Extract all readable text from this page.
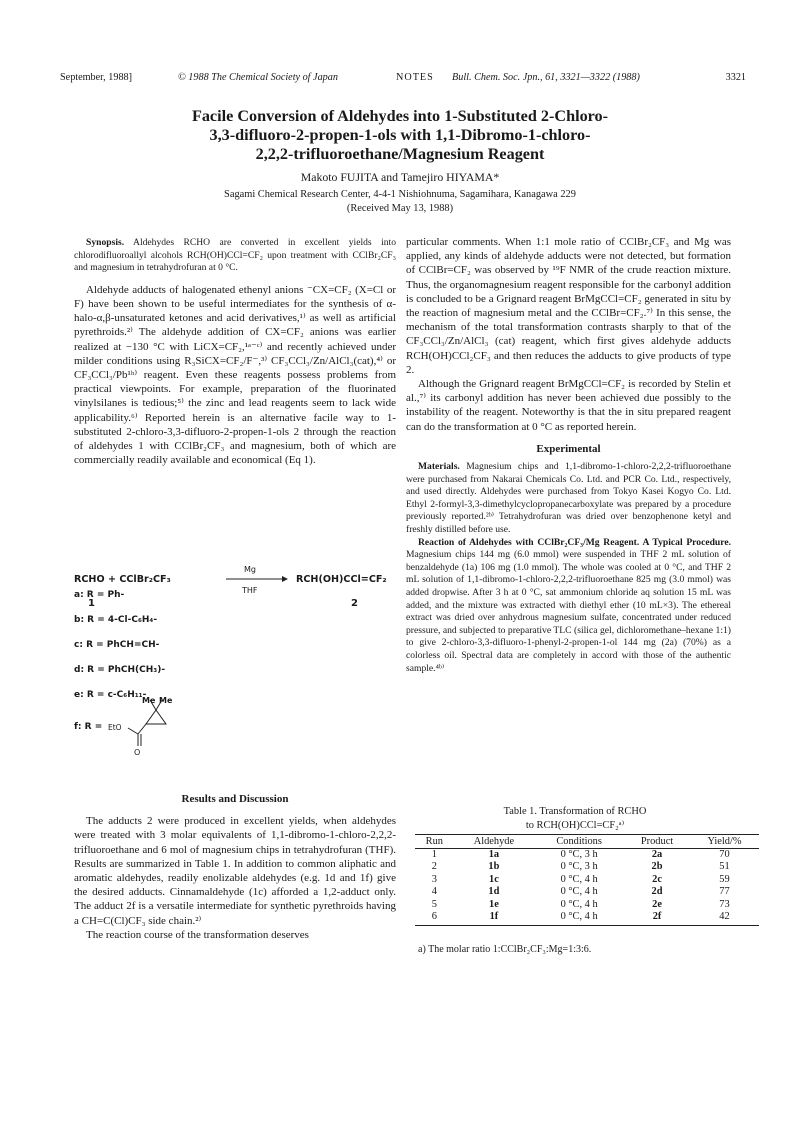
September, 1988]	© 1988 The Chemical Society of Japan	NOTES Bull. Chem. Soc. Jpn., 61, 3321—3322 (1988)	3321
Facile Conversion of Aldehydes into 1-Substituted 2-Chloro-
3,3-difluoro-2-propen-1-ols with 1,1-Dibromo-1-chloro-
2,2,2-trifluoroethane/Magnesium Reagent
Makoto FUJITA and Tamejiro HIYAMA*
Sagami Chemical Research Center, 4-4-1 Nishiohnuma, Sagamihara, Kanagawa 229
(Received May 13, 1988)

Synopsis. Aldehydes RCHO are converted in excellent yields into chlorodifluoroallyl alcohols RCH(OH)CCl=CF₂ upon treatment with CClBr₂CF₃ and magnesium in tetrahydrofuran at 0 °C.

Aldehyde adducts of halogenated ethenyl anions ⁻CX=CF₂ (X=Cl or F) have been shown to be useful intermediates for the synthesis of α-halo-α,β-unsaturated ketones and acid derivatives,¹⁾ as well as artificial pyrethroids.²⁾ The aldehyde addition of CX=CF₂ anions was earlier realized at −130 °C with LiCX=CF₂,¹ᵃ⁻ᶜ⁾ and recently achieved under milder conditions using R₃SiCX=CF₂/F⁻,³⁾ CF₃CCl₃/Zn/AlCl₃(cat),⁴⁾ or CF₃CCl₃/Pb¹ʰ⁾ reagent. Even these reagents possess problems from practical viewpoints. For example, preparation of the fluorinated vinylsilanes is tedious;⁵⁾ the zinc and lead reagents seem to lack wide applicability.⁶⁾ Reported herein is an alternative facile way to 1-substituted 2-chloro-3,3-difluoro-2-propen-1-ols 2 through the reaction of aldehydes 1 with CClBr₂CF₃ and magnesium, both of which are commercially readily available and economical (Eq 1).

RCHO + CClBr₂CF₃
Mg
THF
RCH(OH)CCl=CF₂
1	2
a: R = Ph-
b: R = 4-Cl-C₆H₄-
c: R = PhCH=CH-
d: R = PhCH(CH₃)-
e: R = c-C₆H₁₁-
f: R =
Me Me
EtO
O
Results and Discussion

The adducts 2 were produced in excellent yields, when aldehydes were treated with 3 molar equivalents of 1,1-dibromo-1-chloro-2,2,2-trifluoroethane and 6 mol of magnesium chips in tetrahydrofuran (THF). Results are summarized in Table 1. In addition to common aliphatic and aromatic aldehydes, readily enolizable aldehydes (e.g. 1d and 1f) give the desired adducts. Cinnamaldehyde (1c) afforded a 1,2-adduct only. The adduct 2f is a versatile intermediate for synthetic pyrethroids having a CH=C(Cl)CF₃ side chain.²⁾

The reaction course of the transformation deserves

particular comments. When 1:1 mole ratio of CClBr₂CF₃ and Mg was applied, any kinds of aldehyde adducts were not detected, but formation of CClBr=CF₂ was observed by ¹⁹F NMR of the crude reaction mixture. Thus, the organomagnesium reagent responsible for the carbonyl addition is concluded to be a Grignard reagent BrMgCCl=CF₂ generated in situ by the reaction of magnesium metal and the CClBr=CF₂.⁷⁾ In this sense, the mechanism of the total transformation contrasts sharply to that of the CF₃CCl₃/Zn/AlCl₃ (cat) reagent, which first gives aldehyde adducts RCH(OH)CCl₂CF₃ and then reduces the adducts to give products of type 2.

Although the Grignard reagent BrMgCCl=CF₂ is recorded by Stelin et al.,⁷⁾ its carbonyl addition has never been achieved due possibly to the instability of the reagent. Noteworthy is that the in situ prepared reagent can do the transformation at 0 °C as reported herein.

Experimental

Materials. Magnesium chips and 1,1-dibromo-1-chloro-2,2,2-trifluoroethane were purchased from Nakarai Chemicals Co. Ltd. and PCR Co. Ltd., respectively, and used directly. Aldehydes were purchased from Tokyo Kasei Kogyo Co. Ltd. Ethyl 2-formyl-3,3-dimethylcyclopropanecarboxylate was prepared by a procedure previously reported.²ᵇ⁾ Tetrahydrofuran was dried over benzophenone ketyl and freshly distilled before use.

Reaction of Aldehydes with CClBr₂CF₃/Mg Reagent. A Typical Procedure. Magnesium chips 144 mg (6.0 mmol) were suspended in THF 2 mL solution of benzaldehyde (1a) 106 mg (1.0 mmol). The whole was cooled at 0 °C, and THF 2 mL solution of 1,1-dibromo-1-chloro-2,2,2-trifluoroethane 825 mg (3.0 mmol) was added dropwise. After 3 h at 0 °C, sat ammonium chloride aq solution 15 mL was added, and the mixture was extracted with diethyl ether (10 mL×3). The ethereal extract was dried over anhydrous magnesium sulfate, concentrated under reduced pressure, and subjected to preparative TLC (silica gel, dichloromethane–hexane 1:1) to give 2-chloro-3,3-difluoro-1-phenyl-2-propen-1-ol 144 mg (2a) (70%) as a colorless oil. Spectral data are completely in accord with those of the authentic sample.⁴ᵇ⁾

Table 1. Transformation of RCHO
to RCH(OH)CCl=CF₂ᵃ⁾
Run	Aldehyde	Conditions	Product	Yield/%
1	1a	0 °C, 3 h	2a	70
2	1b	0 °C, 3 h	2b	51
3	1c	0 °C, 4 h	2c	59
4	1d	0 °C, 4 h	2d	77
5	1e	0 °C, 4 h	2e	73
6	1f	0 °C, 4 h	2f	42
a) The molar ratio 1:CClBr₂CF₃:Mg=1:3:6.
